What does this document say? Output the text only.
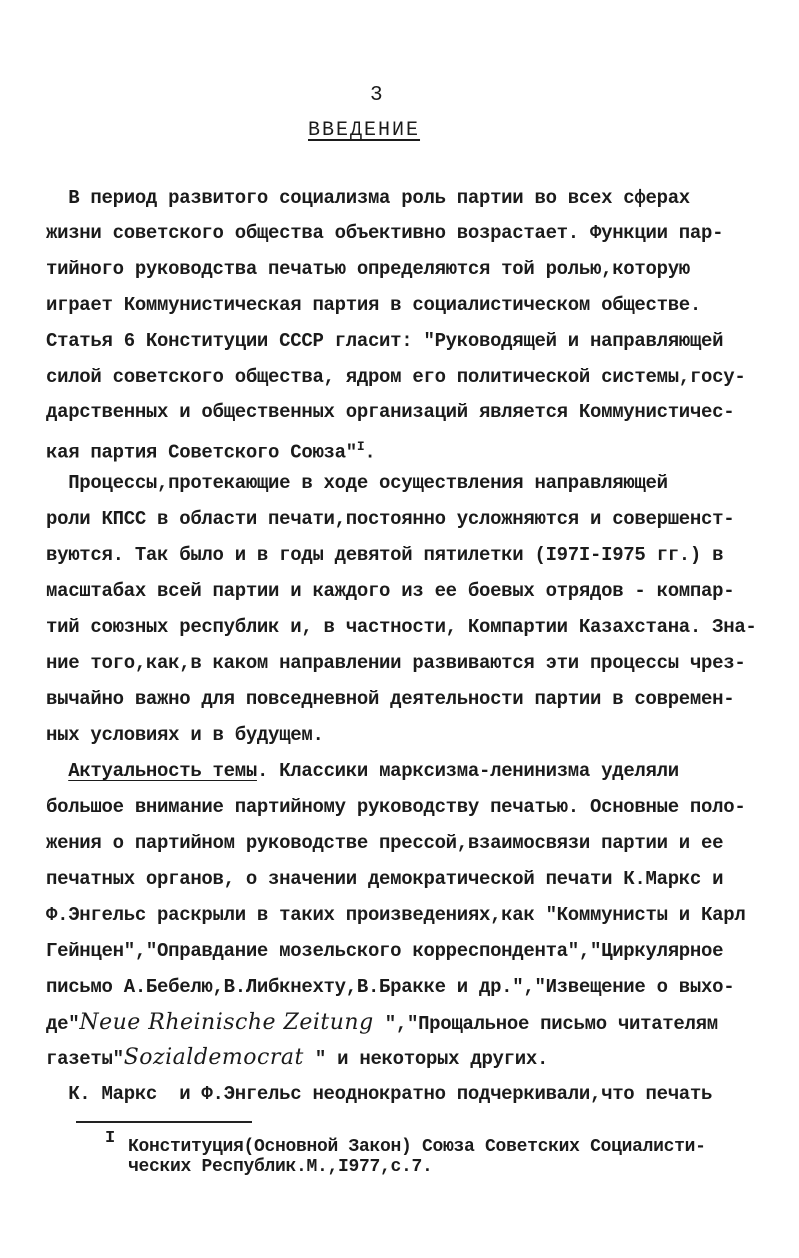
3
ВВЕДЕНИЕ
В период развитого социализма роль партии во всех сферах
жизни советского общества объективно возрастает. Функции пар-
тийного руководства печатью определяются той ролью,которую
играет Коммунистическая партия в социалистическом обществе.
Статья 6 Конституции СССР гласит: "Руководящей и направляющей
силой советского общества, ядром его политической системы,госу-
дарственных и общественных организаций является Коммунистичес-
кая партия Советского Союза"$^I$.
Процессы,протекающие в ходе осуществления направляющей
роли КПСС в области печати,постоянно усложняются и совершенст-
вуются. Так было и в годы девятой пятилетки (I97I-I975 гг.) в
масштабах всей партии и каждого из ее боевых отрядов - компар-
тий союзных республик и, в частности, Компартии Казахстана. Зна-
ние того,как,в каком направлении развиваются эти процессы чрез-
вычайно важно для повседневной деятельности партии в современ-
ных условиях и в будущем.
Актуальность темы. Классики марксизма-ленинизма уделяли
большое внимание партийному руководству печатью. Основные поло-
жения о партийном руководстве прессой,взаимосвязи партии и ее
печатных органов, о значении демократической печати К.Маркс и
Ф.Энгельс раскрыли в таких произведениях,как "Коммунисты и Карл
Гейнцен","Оправдание мозельского корреспондента","Циркулярное
письмо А.Бебелю,В.Либкнехту,В.Бракке и др.","Извещение о выхо-
де"Neue Rheinische Zeitung ","Прощальное письмо читателям
газеты"Sozialdemocrat " и некоторых других.
К. Маркс  и Ф.Энгельс неоднократно подчеркивали,что печать
I Конституция(Основной Закон) Союза Советских Социалисти-
ческих Республик.М.,I977,с.7.
